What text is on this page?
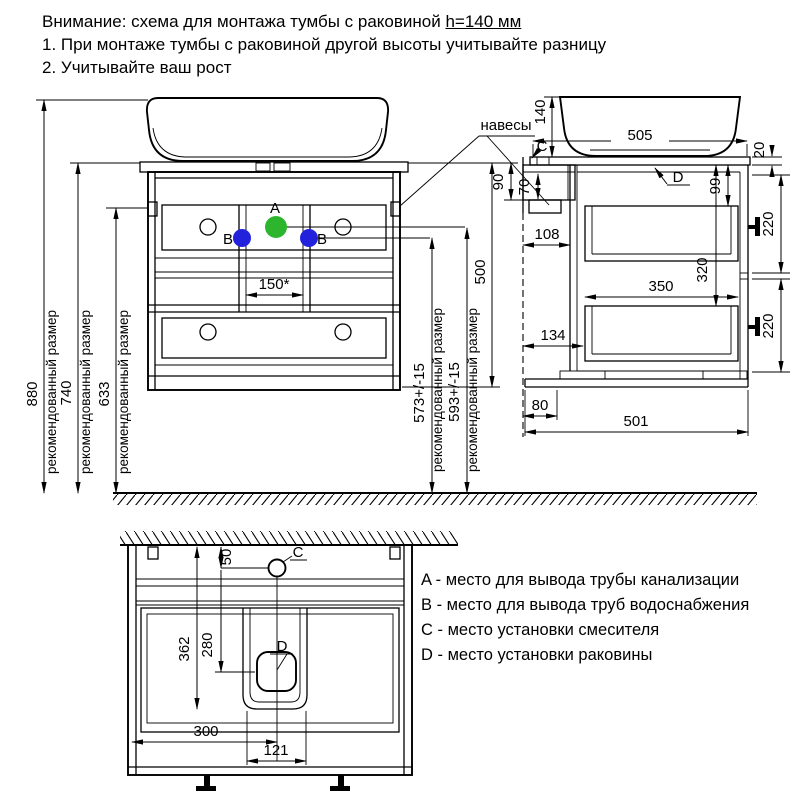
Внимание: схема для монтажа тумбы с раковиной h=140 мм
1. При монтаже тумбы с раковиной другой высоты учитывайте разницу
2. Учитывайте ваш рост
A
B	B
880 рекомендованный размер 740 рекомендованный размер 633 рекомендованный размер
150*
573+/-15 рекомендованный размер 593+/-15 рекомендованный размер
500
90
навесы
C
D
140
505
20
70
108
99
320
350
134
220
220
80
501
D
C
50
362 280
300
121
A - место для вывода трубы канализации
B - место для вывода труб водоснабжения
C - место установки смесителя
D - место установки раковины
